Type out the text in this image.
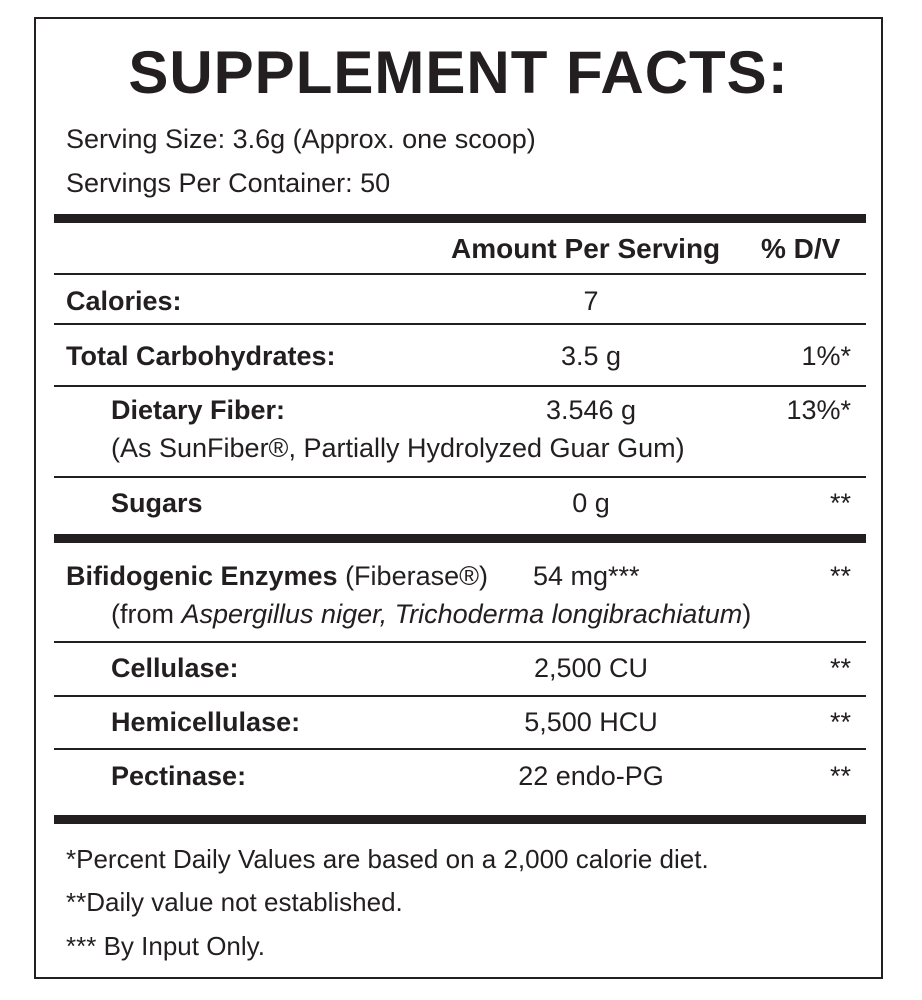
SUPPLEMENT FACTS:
Serving Size: 3.6g (Approx. one scoop)
Servings Per Container: 50
Amount Per Serving % D/V
Calories:	7
Total Carbohydrates:	3.5 g	1%*
Dietary Fiber:	3.546 g	13%*
(As SunFiber®, Partially Hydrolyzed Guar Gum)
Sugars	0 g	**
Bifidogenic Enzymes (Fiberase®) 54 mg***	**
(from Aspergillus niger, Trichoderma longibrachiatum)
Cellulase:	2,500 CU	**
Hemicellulase:	5,500 HCU	**
Pectinase:	22 endo-PG	**
*Percent Daily Values are based on a 2,000 calorie diet.
**Daily value not established.
*** By Input Only.
